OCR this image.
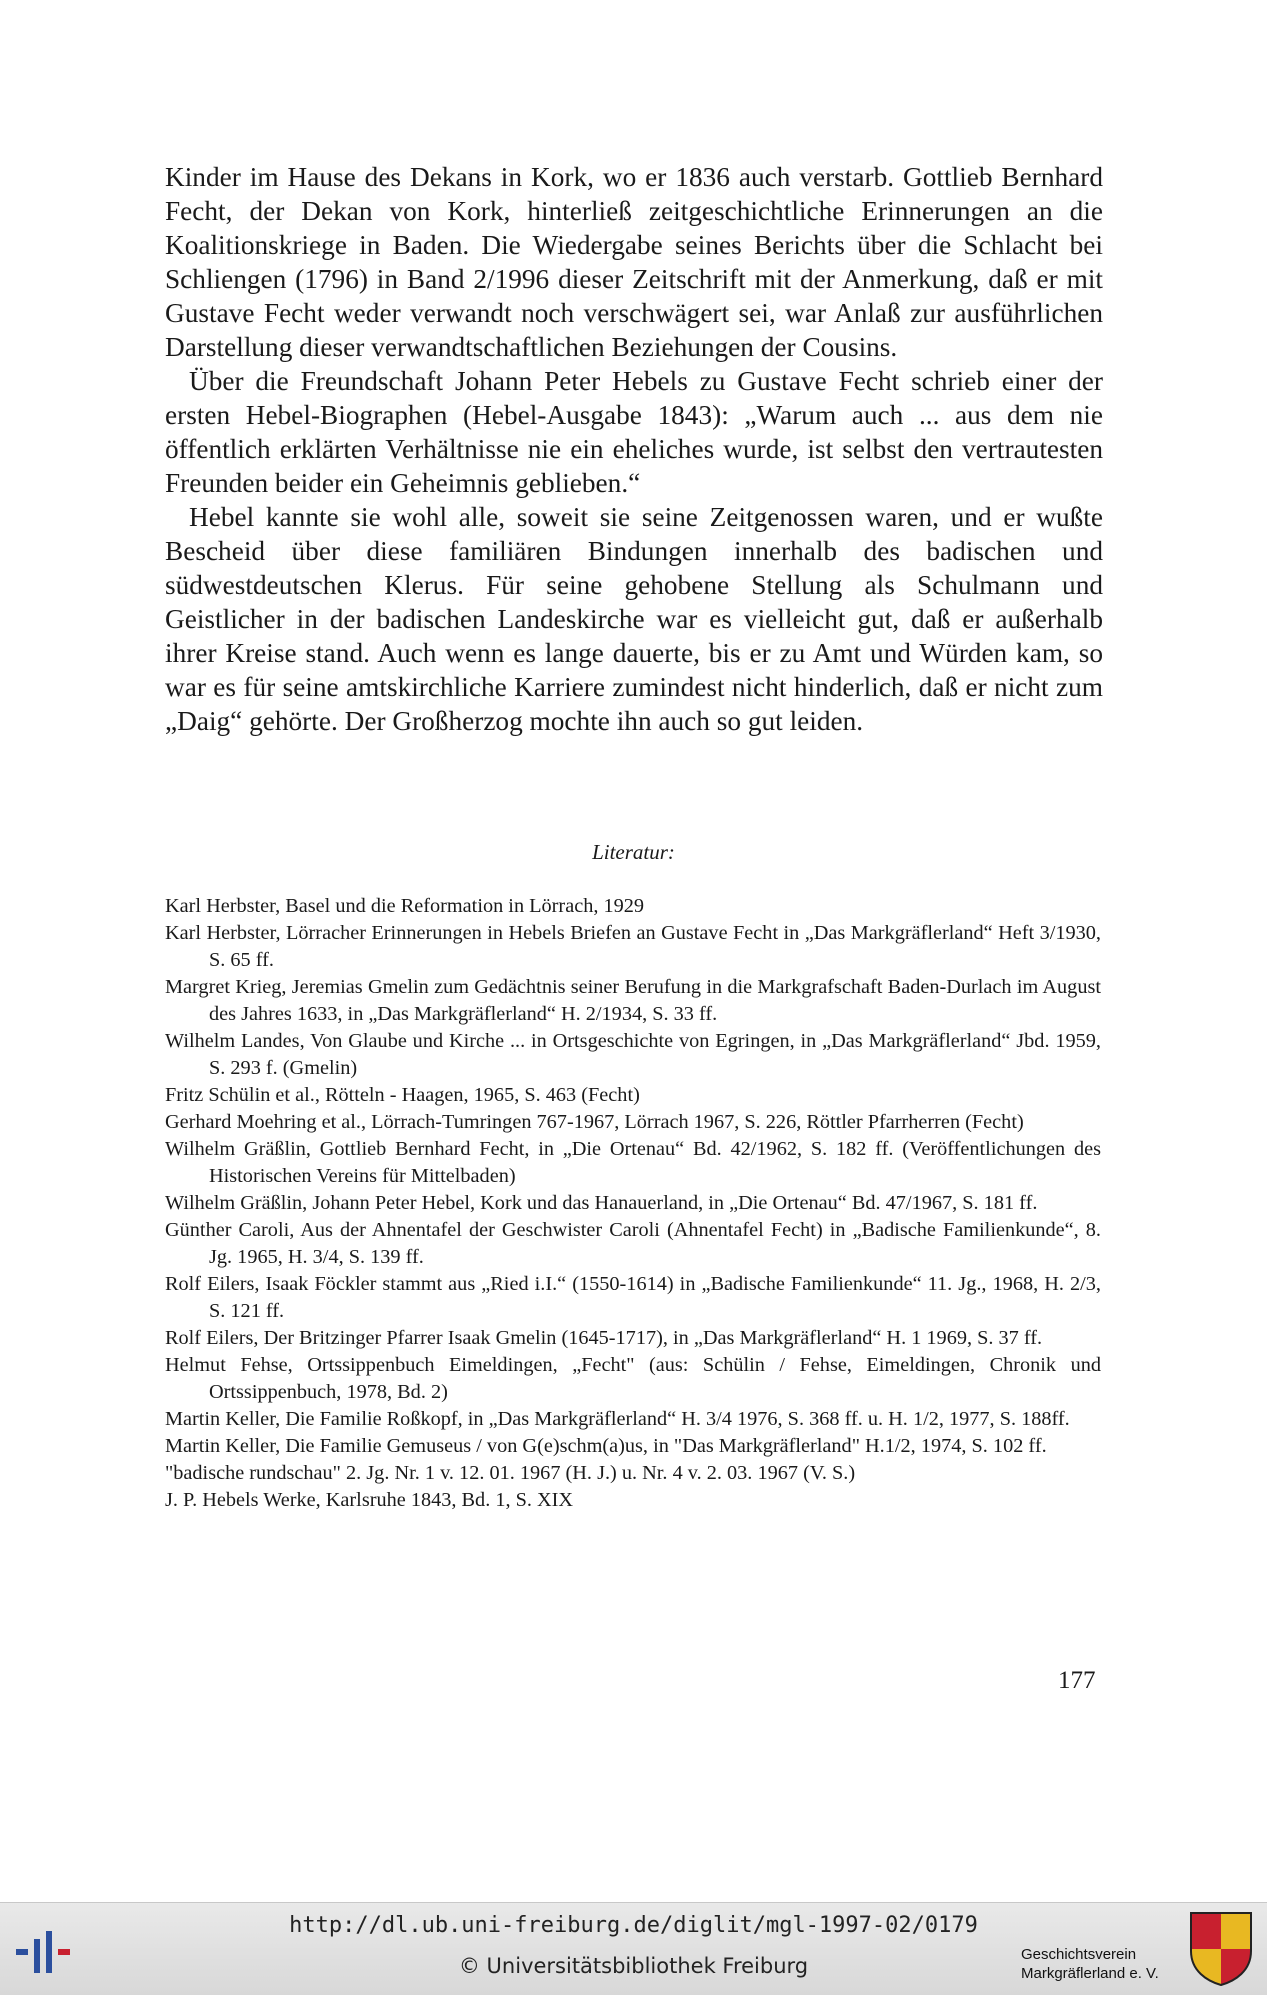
Kinder im Hause des Dekans in Kork, wo er 1836 auch verstarb. Gottlieb Bernhard Fecht, der Dekan von Kork, hinterließ zeitgeschichtliche Erinnerungen an die Koalitionskriege in Baden. Die Wiedergabe seines Berichts über die Schlacht bei Schliengen (1796) in Band 2/1996 dieser Zeitschrift mit der Anmerkung, daß er mit Gustave Fecht weder verwandt noch verschwägert sei, war Anlaß zur ausführlichen Darstellung dieser verwandtschaftlichen Beziehungen der Cousins.

Über die Freundschaft Johann Peter Hebels zu Gustave Fecht schrieb einer der ersten Hebel-Biographen (Hebel-Ausgabe 1843): „Warum auch ... aus dem nie öffentlich erklärten Verhältnisse nie ein eheliches wurde, ist selbst den vertrautesten Freunden beider ein Geheimnis geblieben.“

Hebel kannte sie wohl alle, soweit sie seine Zeitgenossen waren, und er wußte Bescheid über diese familiären Bindungen innerhalb des badischen und südwestdeutschen Klerus. Für seine gehobene Stellung als Schulmann und Geistlicher in der badischen Landeskirche war es vielleicht gut, daß er außerhalb ihrer Kreise stand. Auch wenn es lange dauerte, bis er zu Amt und Würden kam, so war es für seine amtskirchliche Karriere zumindest nicht hinderlich, daß er nicht zum „Daig“ gehörte. Der Großherzog mochte ihn auch so gut leiden.

Literatur:
Karl Herbster, Basel und die Reformation in Lörrach, 1929
Karl Herbster, Lörracher Erinnerungen in Hebels Briefen an Gustave Fecht in „Das Markgräflerland“ Heft 3/1930, S. 65 ff.
Margret Krieg, Jeremias Gmelin zum Gedächtnis seiner Berufung in die Markgrafschaft Baden-Durlach im August des Jahres 1633, in „Das Markgräflerland“ H. 2/1934, S. 33 ff.
Wilhelm Landes, Von Glaube und Kirche ... in Ortsgeschichte von Egringen, in „Das Markgräflerland“ Jbd. 1959, S. 293 f. (Gmelin)
Fritz Schülin et al., Rötteln - Haagen, 1965, S. 463 (Fecht)
Gerhard Moehring et al., Lörrach-Tumringen 767-1967, Lörrach 1967, S. 226, Röttler Pfarrherren (Fecht)
Wilhelm Gräßlin, Gottlieb Bernhard Fecht, in „Die Ortenau“ Bd. 42/1962, S. 182 ff. (Veröffentlichungen des Historischen Vereins für Mittelbaden)
Wilhelm Gräßlin, Johann Peter Hebel, Kork und das Hanauerland, in „Die Ortenau“ Bd. 47/1967, S. 181 ff.
Günther Caroli, Aus der Ahnentafel der Geschwister Caroli (Ahnentafel Fecht) in „Badische Familienkunde“, 8. Jg. 1965, H. 3/4, S. 139 ff.
Rolf Eilers, Isaak Föckler stammt aus „Ried i.I.“ (1550-1614) in „Badische Familienkunde“ 11. Jg., 1968, H. 2/3, S. 121 ff.
Rolf Eilers, Der Britzinger Pfarrer Isaak Gmelin (1645-1717), in „Das Markgräflerland“ H. 1 1969, S. 37 ff.
Helmut Fehse, Ortssippenbuch Eimeldingen, „Fecht" (aus: Schülin / Fehse, Eimeldingen, Chronik und Ortssippenbuch, 1978, Bd. 2)
Martin Keller, Die Familie Roßkopf, in „Das Markgräflerland“ H. 3/4 1976, S. 368 ff. u. H. 1/2, 1977, S. 188ff.
Martin Keller, Die Familie Gemuseus / von G(e)schm(a)us, in "Das Markgräflerland" H.1/2, 1974, S. 102 ff.
"badische rundschau" 2. Jg. Nr. 1 v. 12. 01. 1967 (H. J.) u. Nr. 4 v. 2. 03. 1967 (V. S.)
J. P. Hebels Werke, Karlsruhe 1843, Bd. 1, S. XIX
177
http://dl.ub.uni-freiburg.de/diglit/mgl-1997-02/0179
© Universitätsbibliothek Freiburg	Geschichtsverein
Markgräflerland e. V.
